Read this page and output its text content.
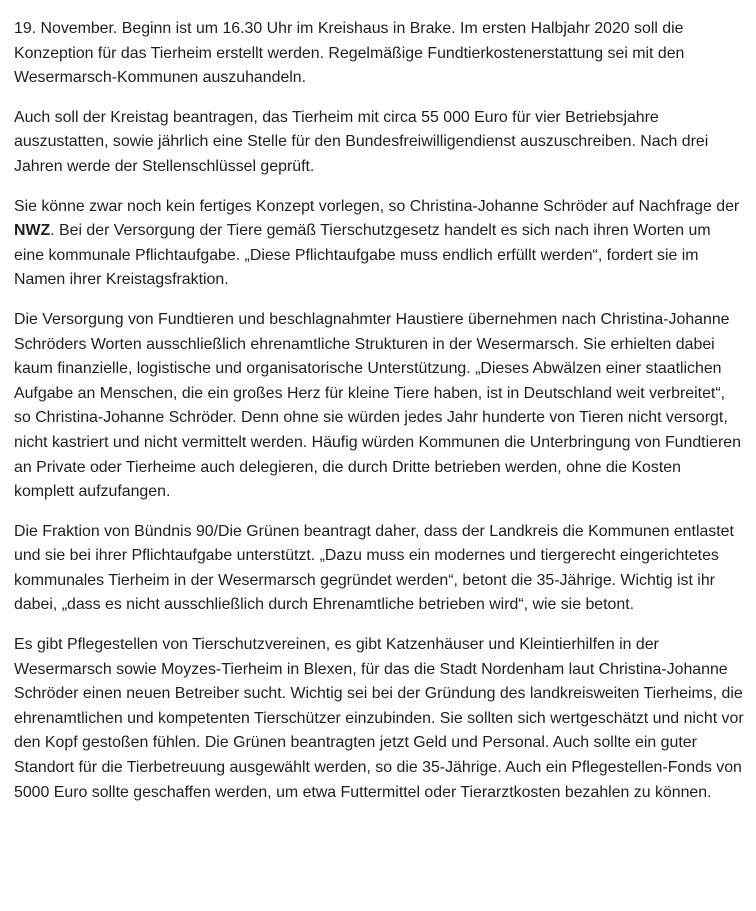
19. November. Beginn ist um 16.30 Uhr im Kreishaus in Brake. Im ersten Halbjahr 2020 soll die Konzeption für das Tierheim erstellt werden. Regelmäßige Fundtierkostenerstattung sei mit den Wesermarsch-Kommunen auszuhandeln.

Auch soll der Kreistag beantragen, das Tierheim mit circa 55 000 Euro für vier Betriebsjahre auszustatten, sowie jährlich eine Stelle für den Bundesfreiwilligendienst auszuschreiben. Nach drei Jahren werde der Stellenschlüssel geprüft.

Sie könne zwar noch kein fertiges Konzept vorlegen, so Christina-Johanne Schröder auf Nachfrage der NWZ. Bei der Versorgung der Tiere gemäß Tierschutzgesetz handelt es sich nach ihren Worten um eine kommunale Pflichtaufgabe. „Diese Pflichtaufgabe muss endlich erfüllt werden“, fordert sie im Namen ihrer Kreistagsfraktion.

Die Versorgung von Fundtieren und beschlagnahmter Haustiere übernehmen nach Christina-Johanne Schröders Worten ausschließlich ehrenamtliche Strukturen in der Wesermarsch. Sie erhielten dabei kaum finanzielle, logistische und organisatorische Unterstützung. „Dieses Abwälzen einer staatlichen Aufgabe an Menschen, die ein großes Herz für kleine Tiere haben, ist in Deutschland weit verbreitet“, so Christina-Johanne Schröder. Denn ohne sie würden jedes Jahr hunderte von Tieren nicht versorgt, nicht kastriert und nicht vermittelt werden. Häufig würden Kommunen die Unterbringung von Fundtieren an Private oder Tierheime auch delegieren, die durch Dritte betrieben werden, ohne die Kosten komplett aufzufangen.

Die Fraktion von Bündnis 90/Die Grünen beantragt daher, dass der Landkreis die Kommunen entlastet und sie bei ihrer Pflichtaufgabe unterstützt. „Dazu muss ein modernes und tiergerecht eingerichtetes kommunales Tierheim in der Wesermarsch gegründet werden“, betont die 35-Jährige. Wichtig ist ihr dabei, „dass es nicht ausschließlich durch Ehrenamtliche betrieben wird“, wie sie betont.

Es gibt Pflegestellen von Tierschutzvereinen, es gibt Katzenhäuser und Kleintierhilfen in der Wesermarsch sowie Moyzes-Tierheim in Blexen, für das die Stadt Nordenham laut Christina-Johanne Schröder einen neuen Betreiber sucht. Wichtig sei bei der Gründung des landkreisweiten Tierheims, die ehrenamtlichen und kompetenten Tierschützer einzubinden. Sie sollten sich wertgeschätzt und nicht vor den Kopf gestoßen fühlen. Die Grünen beantragten jetzt Geld und Personal. Auch sollte ein guter Standort für die Tierbetreuung ausgewählt werden, so die 35-Jährige. Auch ein Pflegestellen-Fonds von 5000 Euro sollte geschaffen werden, um etwa Futtermittel oder Tierarztkosten bezahlen zu können.
